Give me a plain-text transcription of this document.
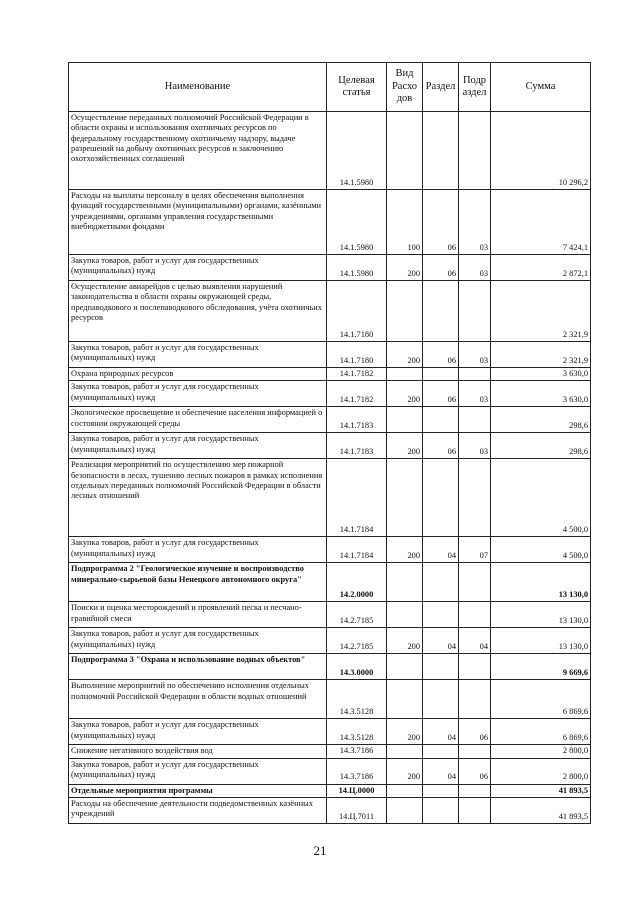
Наименование	Целевая статья	Вид Расхо дов	Раздел	Подр аздел	Сумма
Осуществление переданных полномочий Российской Федерации в области охраны и использования охотничьих ресурсов по федеральному государственному охотничьему надзору, выдаче разрешений на добычу охотничьих ресурсов и заключению охотхозяйственных соглашений	14.1.5980				10 296,2
Расходы на выплаты персоналу в целях обеспечения выполнения функций государственными (муниципальными) органами, казёнными учреждениями, органами управления государственными внебюджетными фондами	14.1.5980	100	06	03	7 424,1
Закупка товаров, работ и услуг для государственных (муниципальных) нужд	14.1.5980	200	06	03	2 872,1
Осуществление авиарейдов с целью выявления нарушений законодательства в области охраны окружающей среды, предпаводкового и послепаводкового обследования, учёта охотничьих ресурсов	14.1.7180				2 321,9
Закупка товаров, работ и услуг для государственных (муниципальных) нужд	14.1.7180	200	06	03	2 321,9
Охрана природных ресурсов	14.1.7182				3 630,0
Закупка товаров, работ и услуг для государственных (муниципальных) нужд	14.1.7182	200	06	03	3 630,0
Экологическое просвещение и обеспечение населения информацией о состоянии окружающей среды	14.1.7183				298,6
Закупка товаров, работ и услуг для государственных (муниципальных) нужд	14.1.7183	200	06	03	298,6
Реализация мероприятий по осуществлению мер пожарной безопасности в лесах, тушению лесных пожаров в рамках исполнения отдельных переданных полномочий Российской Федерации в области лесных отношений	14.1.7184				4 500,0
Закупка товаров, работ и услуг для государственных (муниципальных) нужд	14.1.7184	200	04	07	4 500,0
Подпрограмма 2 "Геологическое изучение и воспроизводство минерально-сырьевой базы Ненецкого автономного округа"	14.2.0000				13 130,0
Поиски и оценка месторождений и проявлений песка и песчано-гравийной смеси	14.2.7185				13 130,0
Закупка товаров, работ и услуг для государственных (муниципальных) нужд	14.2.7185	200	04	04	13 130,0
Подпрограмма 3 "Охрана и использование водных объектов"	14.3.0000				9 669,6
Выполнение мероприятий по обеспечению исполнения отдельных полномочий Российской Федерации в области водных отношений	14.3.5128				6 869,6
Закупка товаров, работ и услуг для государственных (муниципальных) нужд	14.3.5128	200	04	06	6 869,6
Снижение негативного воздействия вод	14.3.7186				2 800,0
Закупка товаров, работ и услуг для государственных (муниципальных) нужд	14.3.7186	200	04	06	2 800,0
Отдельные мероприятия программы	14.Ц.0000				41 893,5
Расходы на обеспечение деятельности подведомственных казённых учреждений	14.Ц.7011				41 893,5
21
